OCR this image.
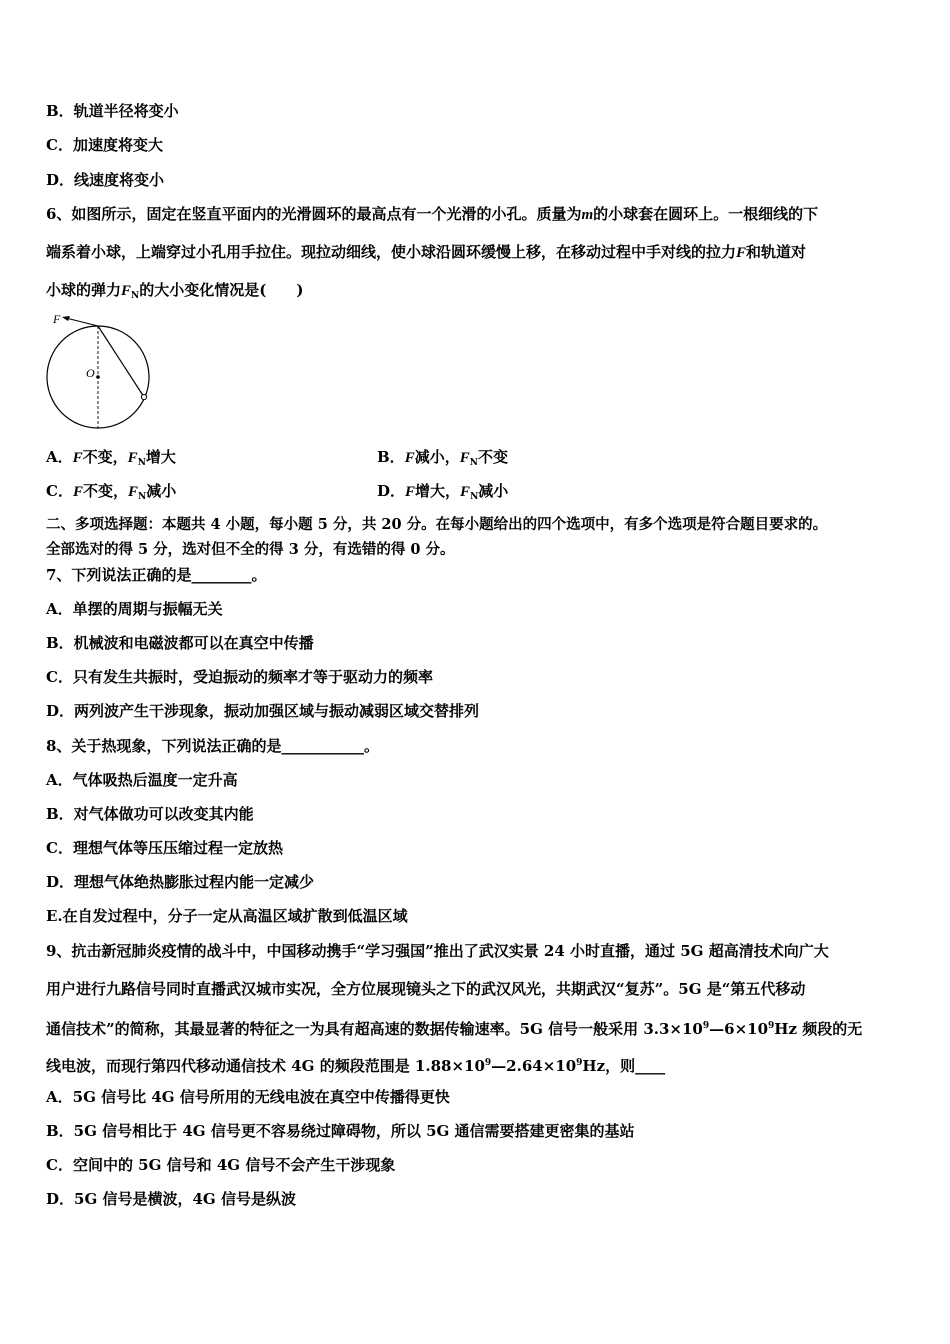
B．轨道半径将变小
C．加速度将变大
D．线速度将变小
6、如图所示，固定在竖直平面内的光滑圆环的最高点有一个光滑的小孔。质量为m的小球套在圆环上。一根细线的下
端系着小球，上端穿过小孔用手拉住。现拉动细线，使小球沿圆环缓慢上移，在移动过程中手对线的拉力F和轨道对
小球的弹力$F_N$的大小变化情况是(　　)
F
O
A．F不变，$F_N$增大	B．F减小，$F_N$不变
C．F不变，$F_N$减小	D．F增大，$F_N$减小
二、多项选择题：本题共 4 小题，每小题 5 分，共 20 分。在每小题给出的四个选项中，有多个选项是符合题目要求的。
全部选对的得 5 分，选对但不全的得 3 分，有选错的得 0 分。
7、下列说法正确的是________。
A．单摆的周期与振幅无关
B．机械波和电磁波都可以在真空中传播
C．只有发生共振时，受迫振动的频率才等于驱动力的频率
D．两列波产生干涉现象，振动加强区域与振动减弱区域交替排列
8、关于热现象，下列说法正确的是___________。
A．气体吸热后温度一定升高
B．对气体做功可以改变其内能
C．理想气体等压压缩过程一定放热
D．理想气体绝热膨胀过程内能一定减少
E.在自发过程中，分子一定从高温区域扩散到低温区域
9、抗击新冠肺炎疫情的战斗中，中国移动携手“学习强国”推出了武汉实景 24 小时直播，通过 5G 超高清技术向广大
用户进行九路信号同时直播武汉城市实况，全方位展现镜头之下的武汉风光，共期武汉“复苏”。5G 是“第五代移动
通信技术”的简称，其最显著的特征之一为具有超高速的数据传输速率。5G 信号一般采用 $3.3\times 10^9—6\times 10^9Hz$ 频段的无
线电波，而现行第四代移动通信技术 4G 的频段范围是 $1.88\times 10^9—2.64\times 10^9Hz$，则____
A．5G 信号比 4G 信号所用的无线电波在真空中传播得更快
B．5G 信号相比于 4G 信号更不容易绕过障碍物，所以 5G 通信需要搭建更密集的基站
C．空间中的 5G 信号和 4G 信号不会产生干涉现象
D．5G 信号是横波，4G 信号是纵波
